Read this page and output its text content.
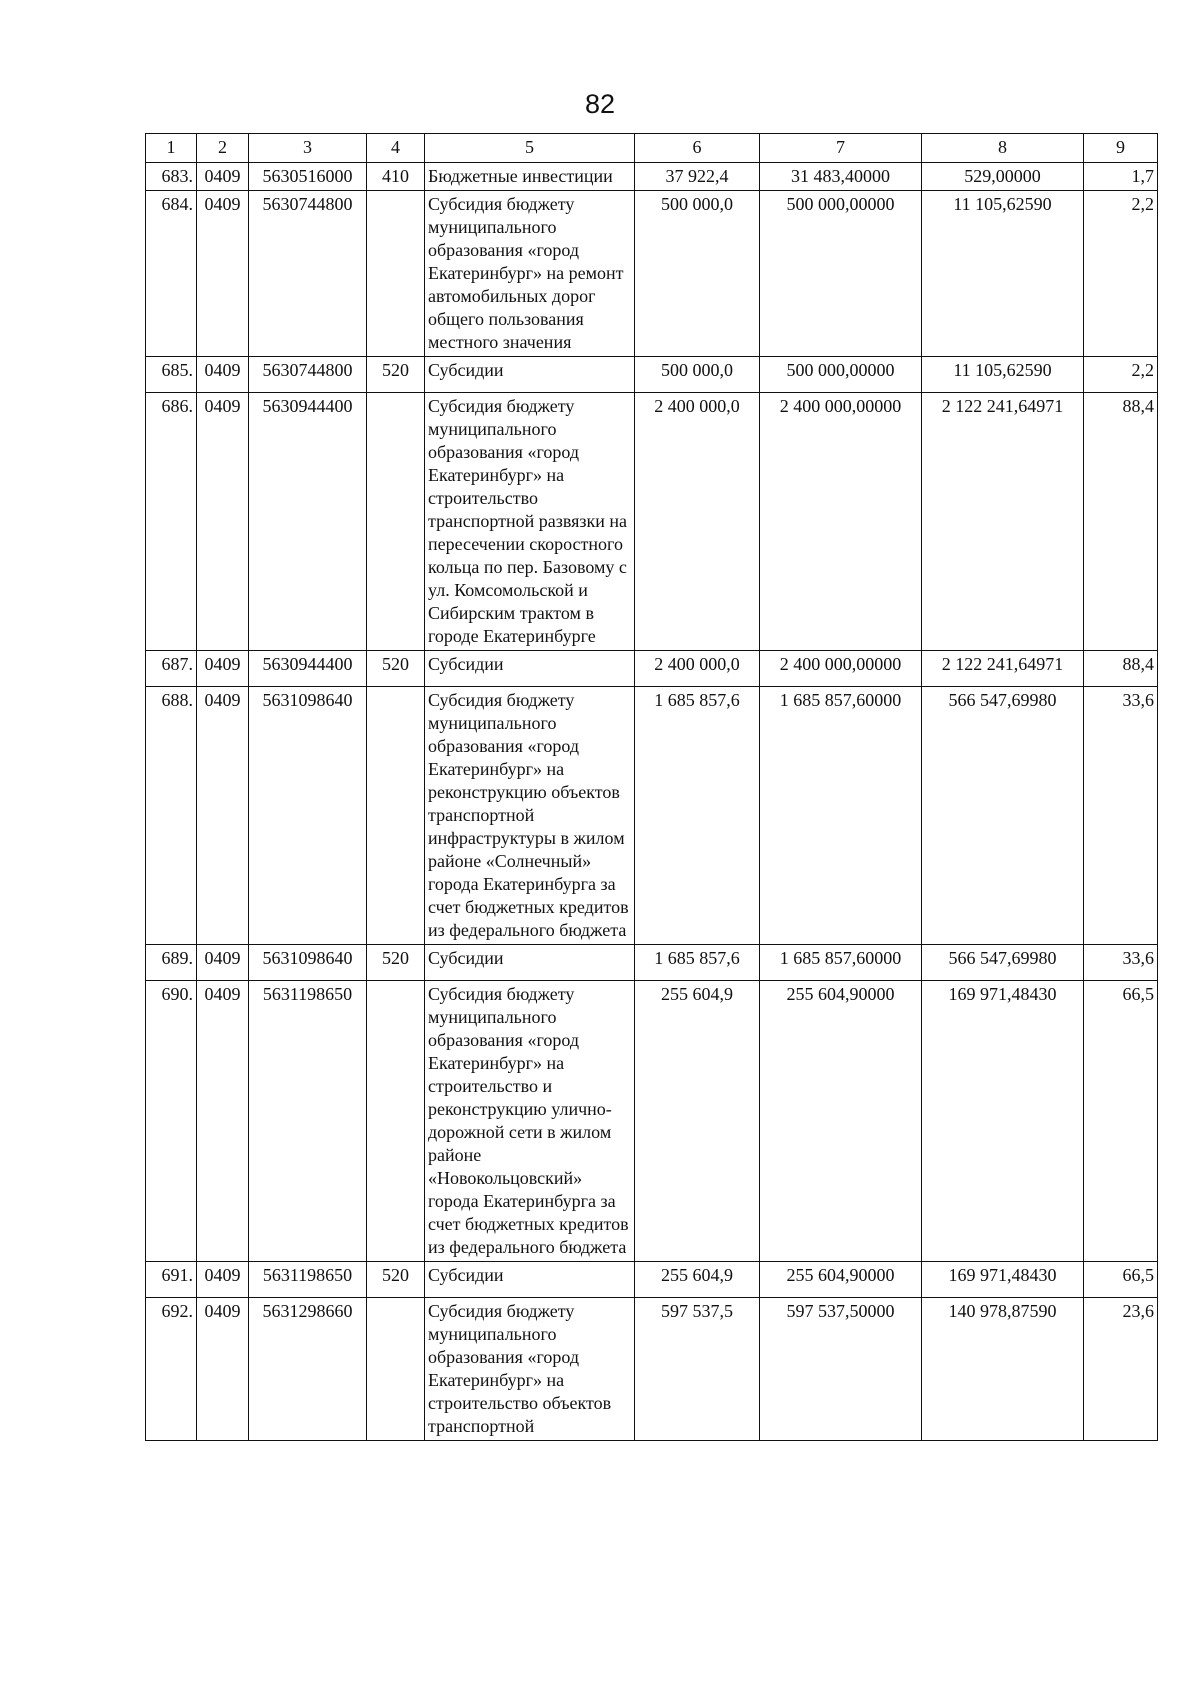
82
1	2	3	4	5	6	7	8	9
683.	0409	5630516000	410	Бюджетные инвестиции	37 922,4	31 483,40000	529,00000	1,7
684.	0409	5630744800		Субсидия бюджету муниципального образования «город Екатеринбург» на ремонт автомобильных дорог общего пользования местного значения	500 000,0	500 000,00000	11 105,62590	2,2
685.	0409	5630744800	520	Субсидии	500 000,0	500 000,00000	11 105,62590	2,2
686.	0409	5630944400		Субсидия бюджету муниципального образования «город Екатеринбург» на строительство транспортной развязки на пересечении скоростного кольца по пер. Базовому с ул. Комсомольской и Сибирским трактом в городе Екатеринбурге	2 400 000,0	2 400 000,00000	2 122 241,64971	88,4
687.	0409	5630944400	520	Субсидии	2 400 000,0	2 400 000,00000	2 122 241,64971	88,4
688.	0409	5631098640		Субсидия бюджету муниципального образования «город Екатеринбург» на реконструкцию объектов транспортной инфраструктуры в жилом районе «Солнечный» города Екатеринбурга за счет бюджетных кредитов из федерального бюджета	1 685 857,6	1 685 857,60000	566 547,69980	33,6
689.	0409	5631098640	520	Субсидии	1 685 857,6	1 685 857,60000	566 547,69980	33,6
690.	0409	5631198650		Субсидия бюджету муниципального образования «город Екатеринбург» на строительство и реконструкцию улично-дорожной сети в жилом районе «Новокольцовский» города Екатеринбурга за счет бюджетных кредитов из федерального бюджета	255 604,9	255 604,90000	169 971,48430	66,5
691.	0409	5631198650	520	Субсидии	255 604,9	255 604,90000	169 971,48430	66,5
692.	0409	5631298660		Субсидия бюджету муниципального образования «город Екатеринбург» на строительство объектов транспортной	597 537,5	597 537,50000	140 978,87590	23,6
